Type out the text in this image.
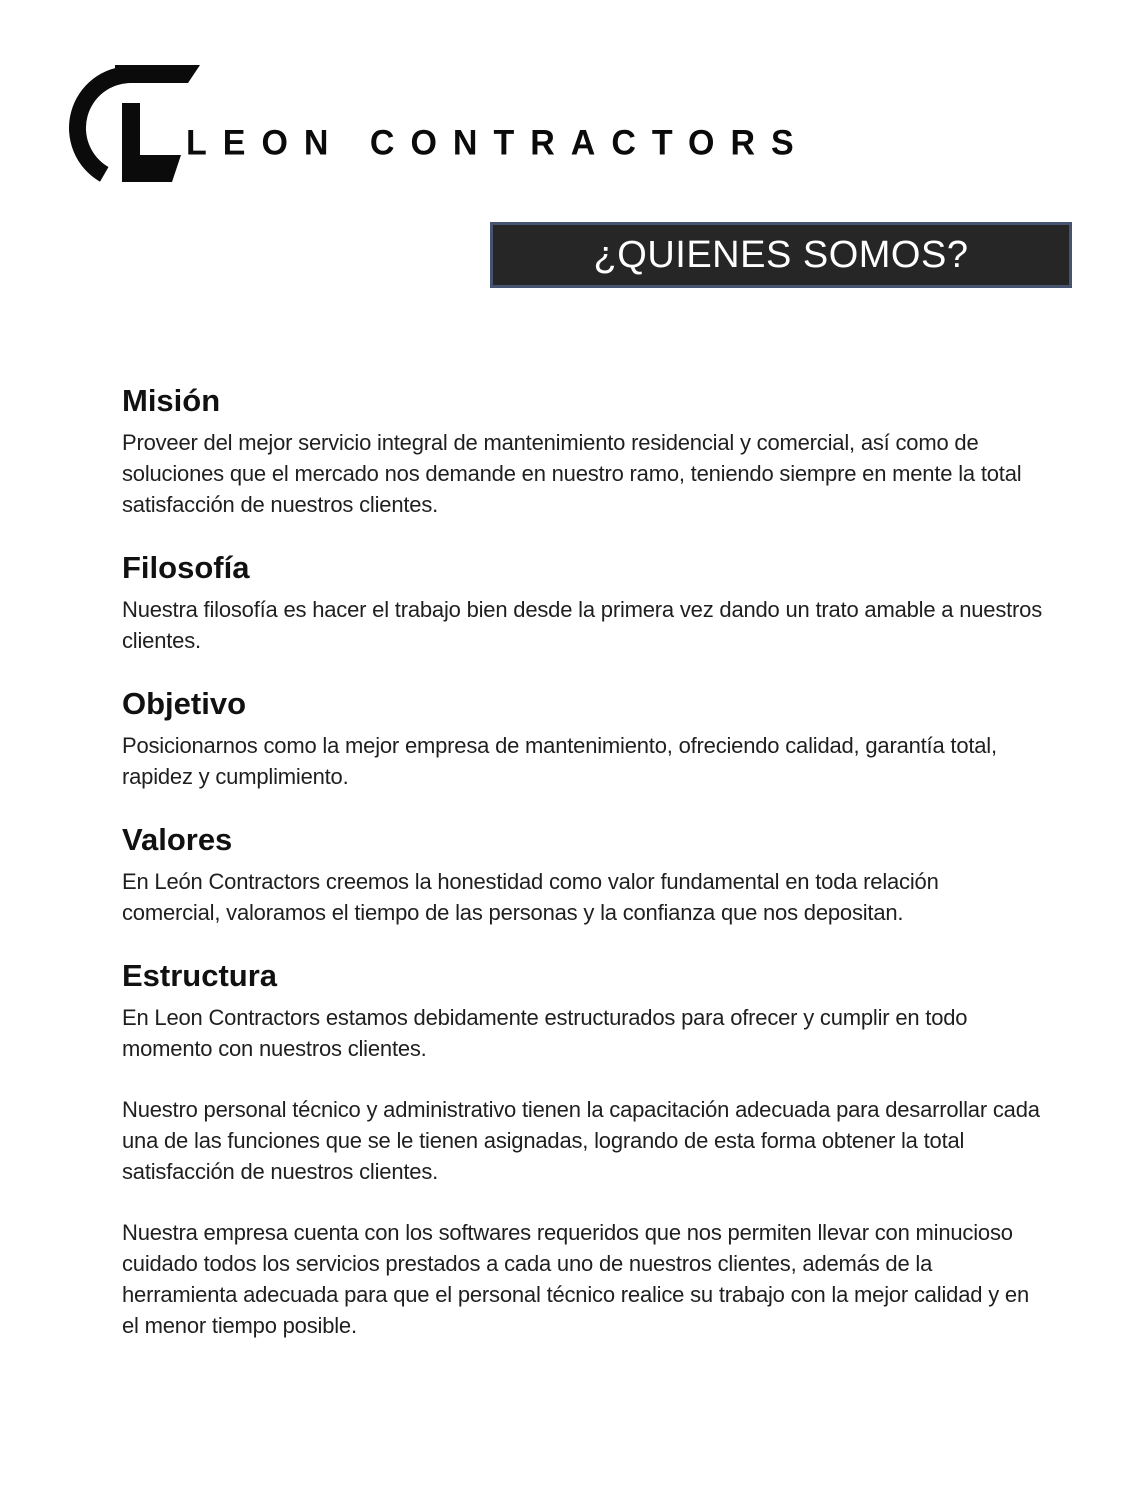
LEON CONTRACTORS
¿QUIENES SOMOS?
Misión

Proveer del mejor servicio integral de mantenimiento residencial y comercial, así como de soluciones que el mercado nos demande en nuestro ramo, teniendo siempre en mente la total satisfacción de nuestros clientes.

Filosofía

Nuestra filosofía es hacer el trabajo bien desde la primera vez dando un trato amable a nuestros clientes.

Objetivo

Posicionarnos como la mejor empresa de mantenimiento, ofreciendo calidad, garantía total, rapidez y cumplimiento.

Valores

En León Contractors creemos la honestidad como valor fundamental en toda relación comercial, valoramos el tiempo de las personas y la confianza que nos depositan.

Estructura

En Leon Contractors estamos debidamente estructurados para ofrecer y cumplir en todo momento con nuestros clientes.

Nuestro personal técnico y administrativo tienen la capacitación adecuada para desarrollar cada una de las funciones que se le tienen asignadas, logrando de esta forma obtener la total satisfacción de nuestros clientes.

Nuestra empresa cuenta con los softwares requeridos que nos permiten llevar con minucioso cuidado todos los servicios prestados a cada uno de nuestros clientes, además de la herramienta adecuada para que el personal técnico realice su trabajo con la mejor calidad y en el menor tiempo posible.
